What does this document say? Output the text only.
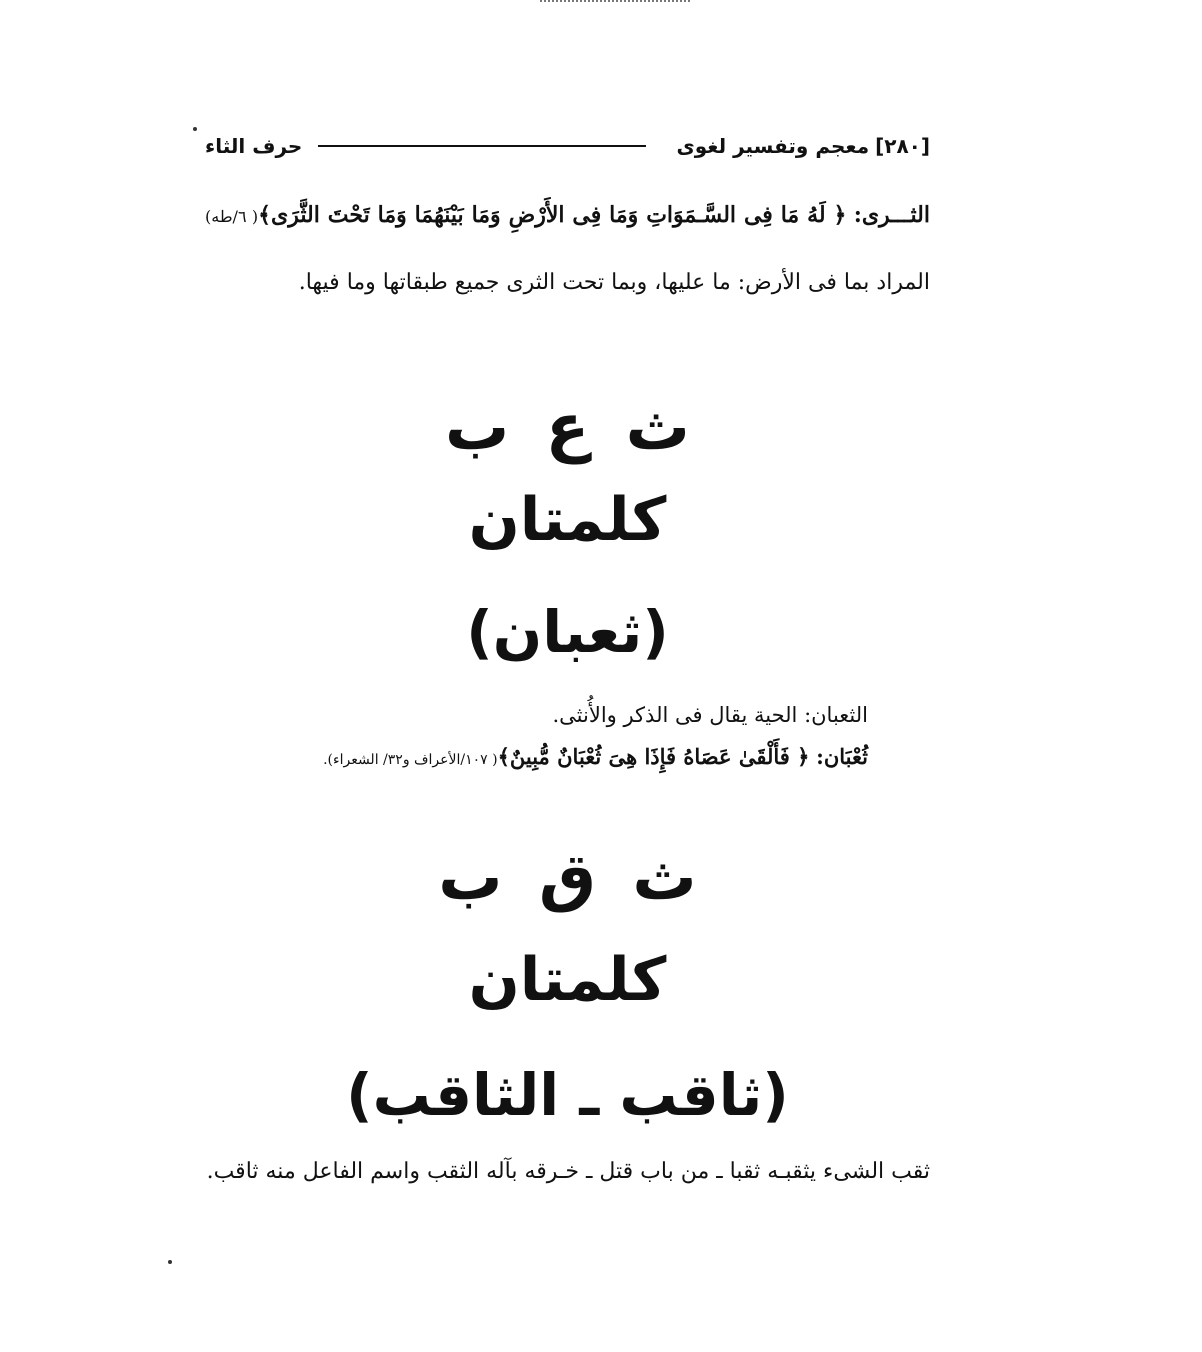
[٢٨٠]
معجم وتفسير لغوى
حرف الثاء
الثـــرى: ﴿ لَهُ مَا فِى السَّـمَوَاتِ وَمَا فِى الأَرْضِ وَمَا بَيْنَهُمَا وَمَا تَحْتَ الثَّرَى﴾( ٦/طه) المراد بما فى الأرض: ما عليها، وبما تحت الثرى جميع طبقاتها وما فيها.
ث ع ب
كلمتان
(ثعبان)
الثعبان: الحية يقال فى الذكر والأُنثى.
ثُعْبَان: ﴿ فَأَلْقَىٰ عَصَاهُ فَإِذَا هِىَ ثُعْبَانٌ مُّبِينٌ﴾( ١٠٧/الأعراف و٣٢/ الشعراء).
ث ق ب
كلمتان
(ثاقب ـ الثاقب)
ثقب الشىء يثقبـه ثقبا ـ من باب قتل ـ خـرقه بآله الثقب واسم الفاعل منه ثاقب.
